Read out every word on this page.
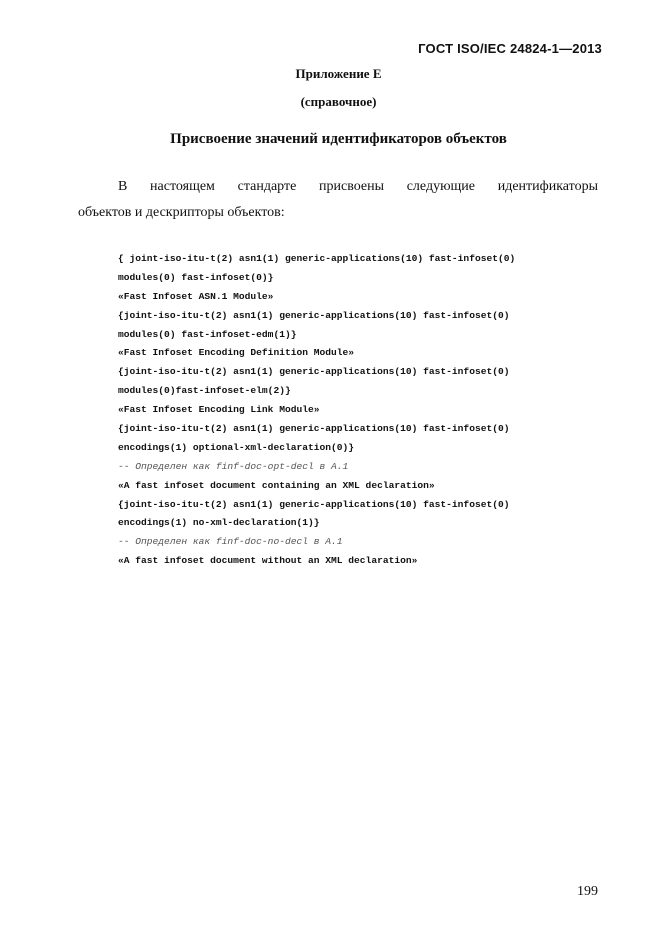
ГОСТ ISO/IEC 24824-1—2013
Приложение Е
(справочное)
Присвоение значений идентификаторов объектов
В настоящем стандарте присвоены следующие идентификаторы
объектов и дескрипторы объектов:
{ joint-iso-itu-t(2) asn1(1) generic-applications(10) fast-infoset(0)
modules(0) fast-infoset(0)}
«Fast Infoset ASN.1 Module»
{joint-iso-itu-t(2) asn1(1) generic-applications(10) fast-infoset(0)
modules(0) fast-infoset-edm(1)}
«Fast Infoset Encoding Definition Module»
{joint-iso-itu-t(2) asn1(1) generic-applications(10) fast-infoset(0)
modules(0)fast-infoset-elm(2)}
«Fast Infoset Encoding Link Module»
{joint-iso-itu-t(2) asn1(1) generic-applications(10) fast-infoset(0)
encodings(1) optional-xml-declaration(0)}
-- Определен как finf-doc-opt-decl в А.1
«A fast infoset document containing an XML declaration»
{joint-iso-itu-t(2) asn1(1) generic-applications(10) fast-infoset(0)
encodings(1) no-xml-declaration(1)}
-- Определен как finf-doc-no-decl в А.1
«A fast infoset document without an XML declaration»
199
